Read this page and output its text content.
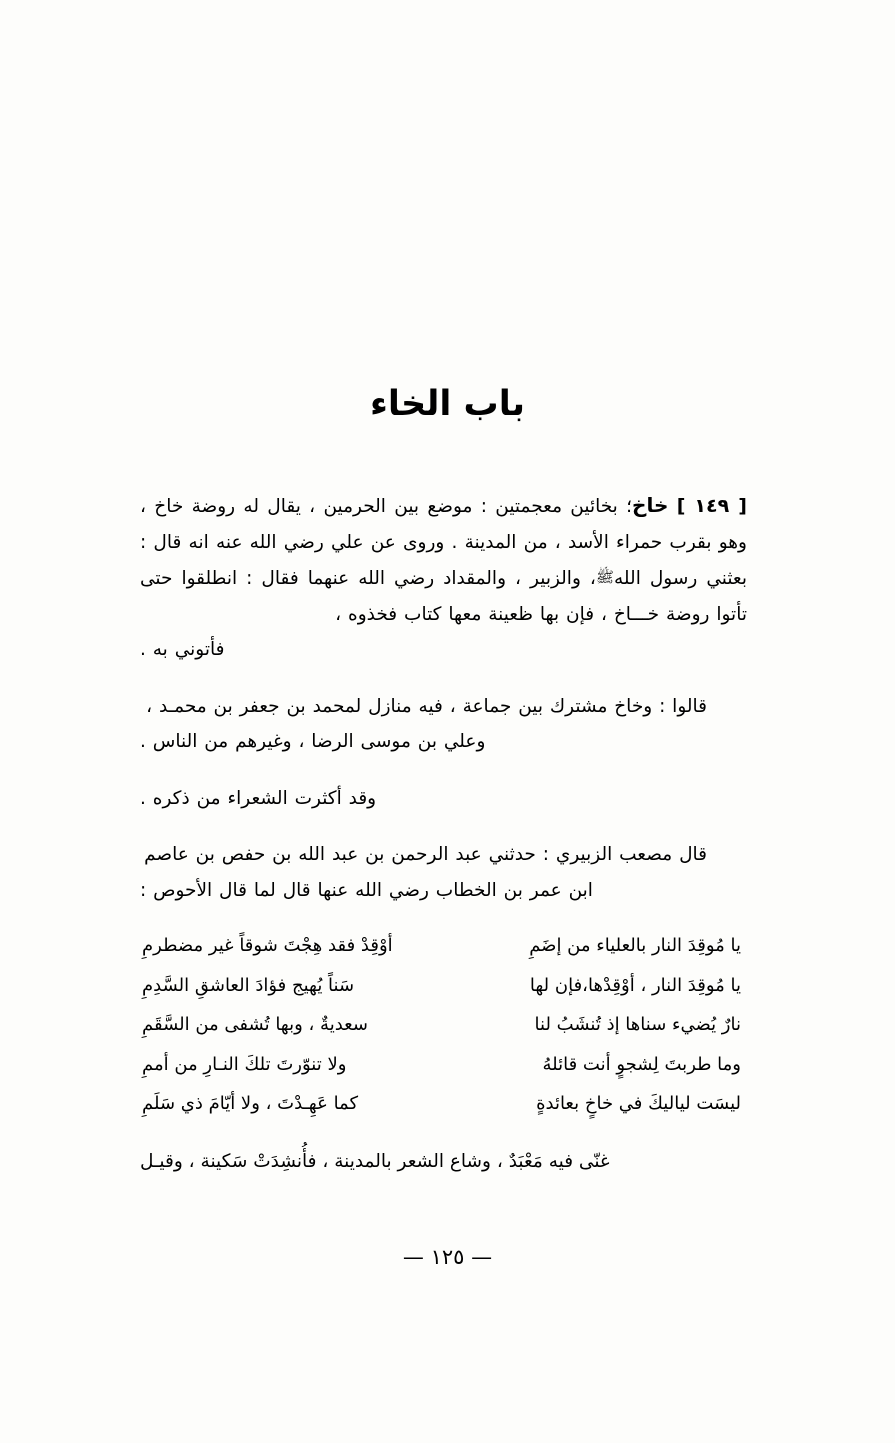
باب الخاء
[ ١٤٩ ] خاخ؛ بخائين معجمتين : موضع بين الحرمين ، يقال له روضة خاخ ، وهو بقرب حمراء الأسد ، من المدينة . وروى عن علي رضي الله عنه انه قال : بعثني رسول اللهﷺ، والزبير ، والمقداد رضي الله عنهما فقال : انطلقوا حتى تأتوا روضة خـــاخ ، فإن بها ظعينة معها كتاب فخذوه ،
فأتوني به .
قالوا : وخاخ مشترك بين جماعة ، فيه منازل لمحمد بن جعفر بن محمـد ،
وعلي بن موسى الرضا ، وغيرهم من الناس .
وقد أكثرت الشعراء من ذكره .
قال مصعب الزبيري : حدثني عبد الرحمن بن عبد الله بن حفص بن عاصم
ابن عمر بن الخطاب رضي الله عنها قال لما قال الأحوص :
يا مُوقِدَ النار بالعلياء من إضَمِ	أوْقِدْ فقد هِجْتَ شوقاً غير مضطرمِ
يا مُوقِدَ النار ، أوْقِدْها،فإن لها	سَناً يُهيج فؤادَ العاشقِ السَّدِمِ
نارٌ يُضيء سناها إذ تُنشَبُ لنا	سعديةٌ ، وبها تُشفى من السَّقَمِ
وما طربتَ لِشجوٍ أنت قائلهُ	ولا تنوّرتَ تلكَ النـارِ من أممِ
ليسَت لياليكَ في خاخٍ بعائدةٍ	كما عَهِـدْتَ ، ولا أيّامَ ذي سَلَمِ
غنّى فيه مَعْبَدٌ ، وشاع الشعر بالمدينة ، فأُنشِدَتْ سَكينة ، وقيـل
— ١٢٥ —
